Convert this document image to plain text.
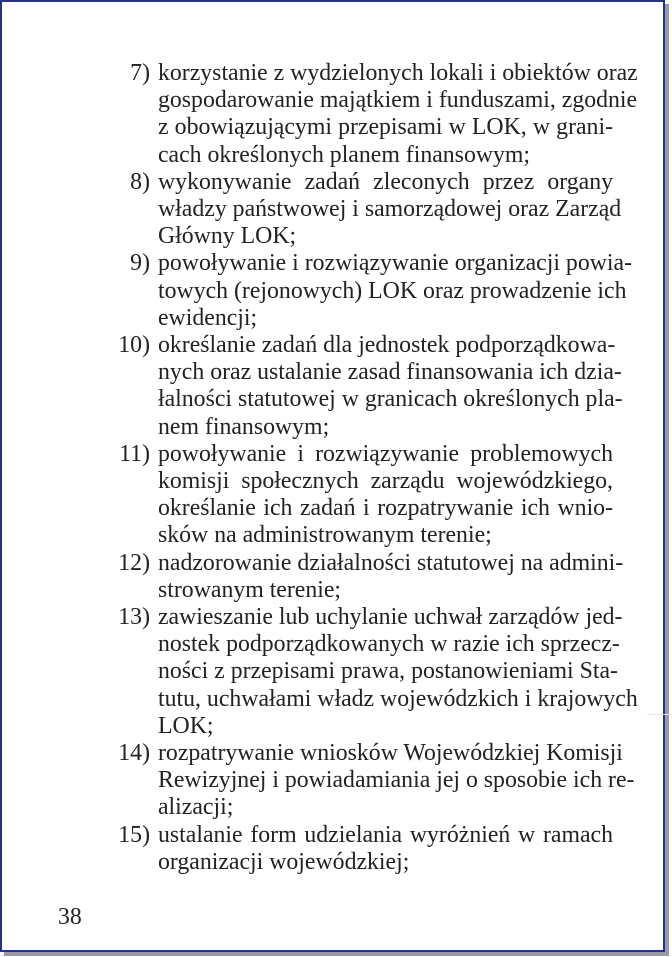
7) korzystanie z wydzielonych lokali i obiektów oraz
gospodarowanie majątkiem i funduszami, zgodnie
z obowiązującymi przepisami w LOK, w grani-
cach określonych planem finansowym;
8) wykonywanie zadań zleconych przez organy
władzy państwowej i samorządowej oraz Zarząd
Główny LOK;
9) powoływanie i rozwiązywanie organizacji powia-
towych (rejonowych) LOK oraz prowadzenie ich
ewidencji;
10) określanie zadań dla jednostek podporządkowa-
nych oraz ustalanie zasad finansowania ich dzia-
łalności statutowej w granicach określonych pla-
nem finansowym;
11) powoływanie i rozwiązywanie problemowych
komisji społecznych zarządu wojewódzkiego,
określanie ich zadań i rozpatrywanie ich wnio-
sków na administrowanym terenie;
12) nadzorowanie działalności statutowej na admini-
strowanym terenie;
13) zawieszanie lub uchylanie uchwał zarządów jed-
nostek podporządkowanych w razie ich sprzecz-
ności z przepisami prawa, postanowieniami Sta-
tutu, uchwałami władz wojewódzkich i krajowych
LOK;
14) rozpatrywanie wniosków Wojewódzkiej Komisji
Rewizyjnej i powiadamiania jej o sposobie ich re-
alizacji;
15) ustalanie form udzielania wyróżnień w ramach
organizacji wojewódzkiej;
38
